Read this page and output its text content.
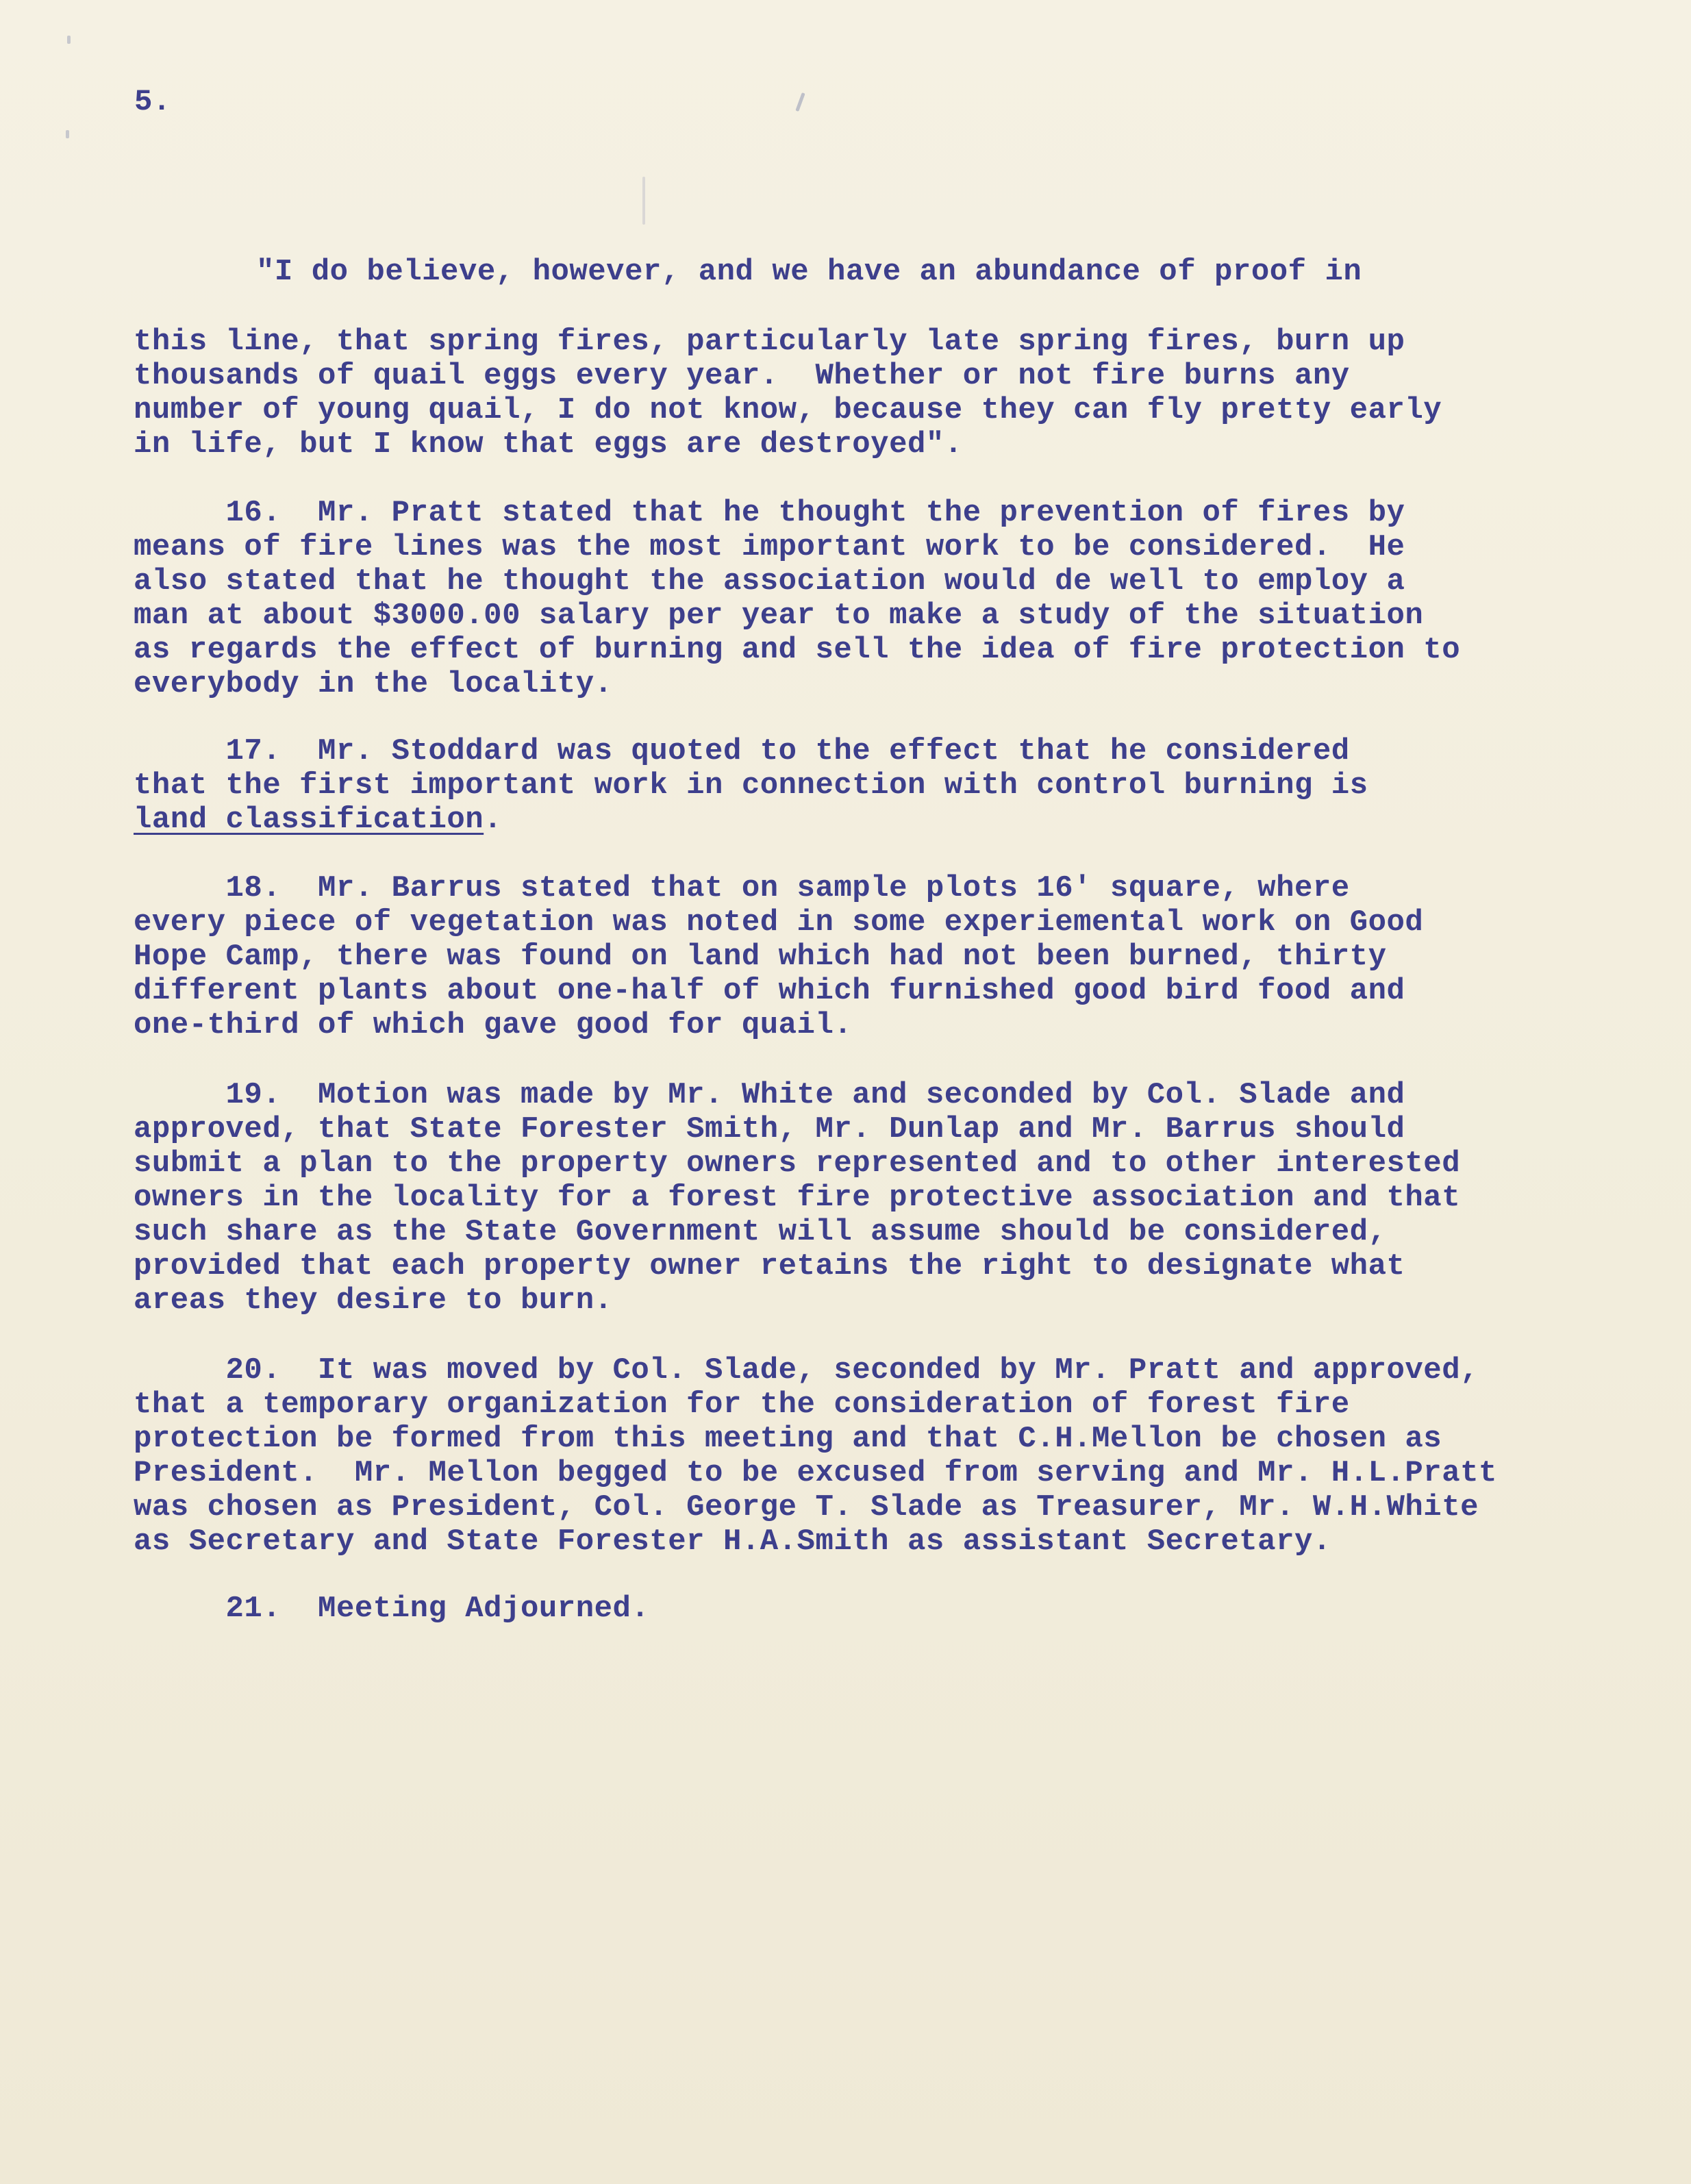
5.
"I do believe, however, and we have an abundance of proof in
this line, that spring fires, particularly late spring fires, burn up
thousands of quail eggs every year.  Whether or not fire burns any
number of young quail, I do not know, because they can fly pretty early
in life, but I know that eggs are destroyed".
16.  Mr. Pratt stated that he thought the prevention of fires by
means of fire lines was the most important work to be considered.  He
also stated that he thought the association would de well to employ a
man at about $3000.00 salary per year to make a study of the situation
as regards the effect of burning and sell the idea of fire protection to
everybody in the locality.
17.  Mr. Stoddard was quoted to the effect that he considered
that the first important work in connection with control burning is
land classification.
18.  Mr. Barrus stated that on sample plots 16' square, where
every piece of vegetation was noted in some experiemental work on Good
Hope Camp, there was found on land which had not been burned, thirty
different plants about one-half of which furnished good bird food and
one-third of which gave good for quail.
19.  Motion was made by Mr. White and seconded by Col. Slade and
approved, that State Forester Smith, Mr. Dunlap and Mr. Barrus should
submit a plan to the property owners represented and to other interested
owners in the locality for a forest fire protective association and that
such share as the State Government will assume should be considered,
provided that each property owner retains the right to designate what
areas they desire to burn.
20.  It was moved by Col. Slade, seconded by Mr. Pratt and approved,
that a temporary organization for the consideration of forest fire
protection be formed from this meeting and that C.H.Mellon be chosen as
President.  Mr. Mellon begged to be excused from serving and Mr. H.L.Pratt
was chosen as President, Col. George T. Slade as Treasurer, Mr. W.H.White
as Secretary and State Forester H.A.Smith as assistant Secretary.
21.  Meeting Adjourned.
